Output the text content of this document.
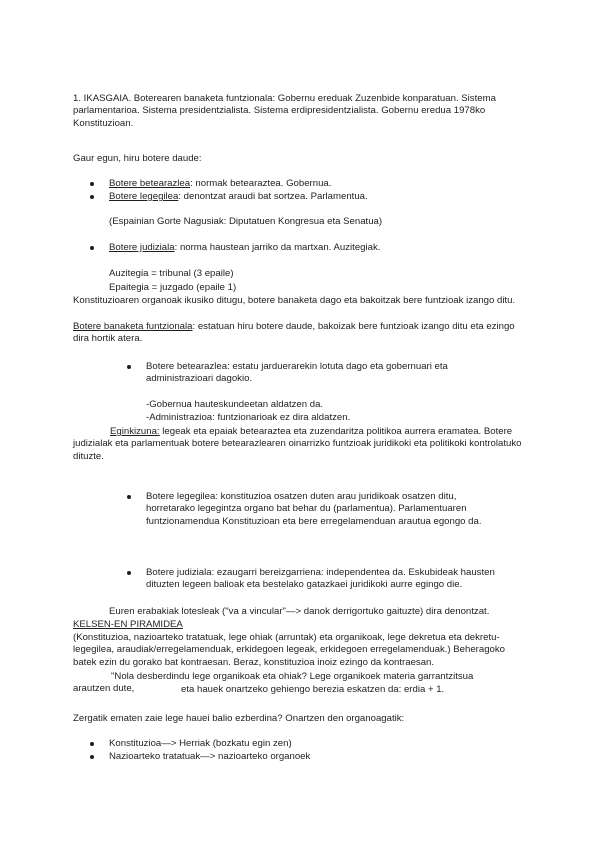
1. IKASGAIA. Boterearen banaketa funtzionala: Gobernu ereduak Zuzenbide konparatuan. Sistema parlamentarioa. Sistema presidentzialista. Sistema erdipresidentzialista. Gobernu eredua 1978ko Konstituzioan.

Gaur egun, hiru botere daude:

Botere betearazlea: normak betearaztea. Gobernua.

Botere legegilea: denontzat araudi bat sortzea. Parlamentua.

(Espainian Gorte Nagusiak: Diputatuen Kongresua eta Senatua)

Botere judiziala: norma haustean jarriko da martxan. Auzitegiak.

Auzitegia = tribunal (3 epaile)

Epaitegia = juzgado (epaile 1)

Konstituzioaren organoak ikusiko ditugu, botere banaketa dago eta bakoitzak bere funtzioak izango ditu.

Botere banaketa funtzionala: estatuan hiru botere daude, bakoizak bere funtzioak izango ditu eta ezingo dira hortik atera.

Botere betearazlea: estatu jarduerarekin lotuta dago eta gobernuari eta administrazioari dagokio.

-Gobernua hauteskundeetan aldatzen da.

-Administrazioa: funtzionarioak ez dira aldatzen.

Eginkizuna: legeak eta epaiak betearaztea eta zuzendaritza politikoa aurrera eramatea. Botere judizialak eta parlamentuak botere betearazlearen oinarrizko funtzioak juridikoki eta politikoki kontrolatuko dituzte.

Botere legegilea: konstituzioa osatzen duten arau juridikoak osatzen ditu, horretarako legegintza organo bat behar du (parlamentua). Parlamentuaren funtzionamendua Konstituzioan eta bere erregelamenduan arautua egongo da.

Botere judiziala: ezaugarri bereizgarriena: independentea da. Eskubideak hausten dituzten legeen balioak eta bestelako gatazkaei juridikoki aurre egingo die.

Euren erabakiak lotesleak ("va a vincular"—> danok derrigortuko gaituzte) dira denontzat.

KELSEN-EN PIRAMIDEA

(Konstituzioa, nazioarteko tratatuak, lege ohiak (arruntak) eta organikoak, lege dekretua eta dekretu-legegilea, araudiak/erregelamenduak, erkidegoen legeak, erkidegoen erregelamenduak.) Beheragoko batek ezin du gorako bat kontraesan. Beraz, konstituzioa inoiz ezingo da kontraesan.

"Nola desberdindu lege organikoak eta ohiak? Lege organikoek materia garrantzitsua arautzen dute,	eta hauek onartzeko gehiengo berezia eskatzen da: erdia + 1.

Zergatik ematen zaie lege hauei balio ezberdina? Onartzen den organoagatik:

Konstituzioa—> Herriak (bozkatu egin zen)

Nazioarteko tratatuak—> nazioarteko organoek
